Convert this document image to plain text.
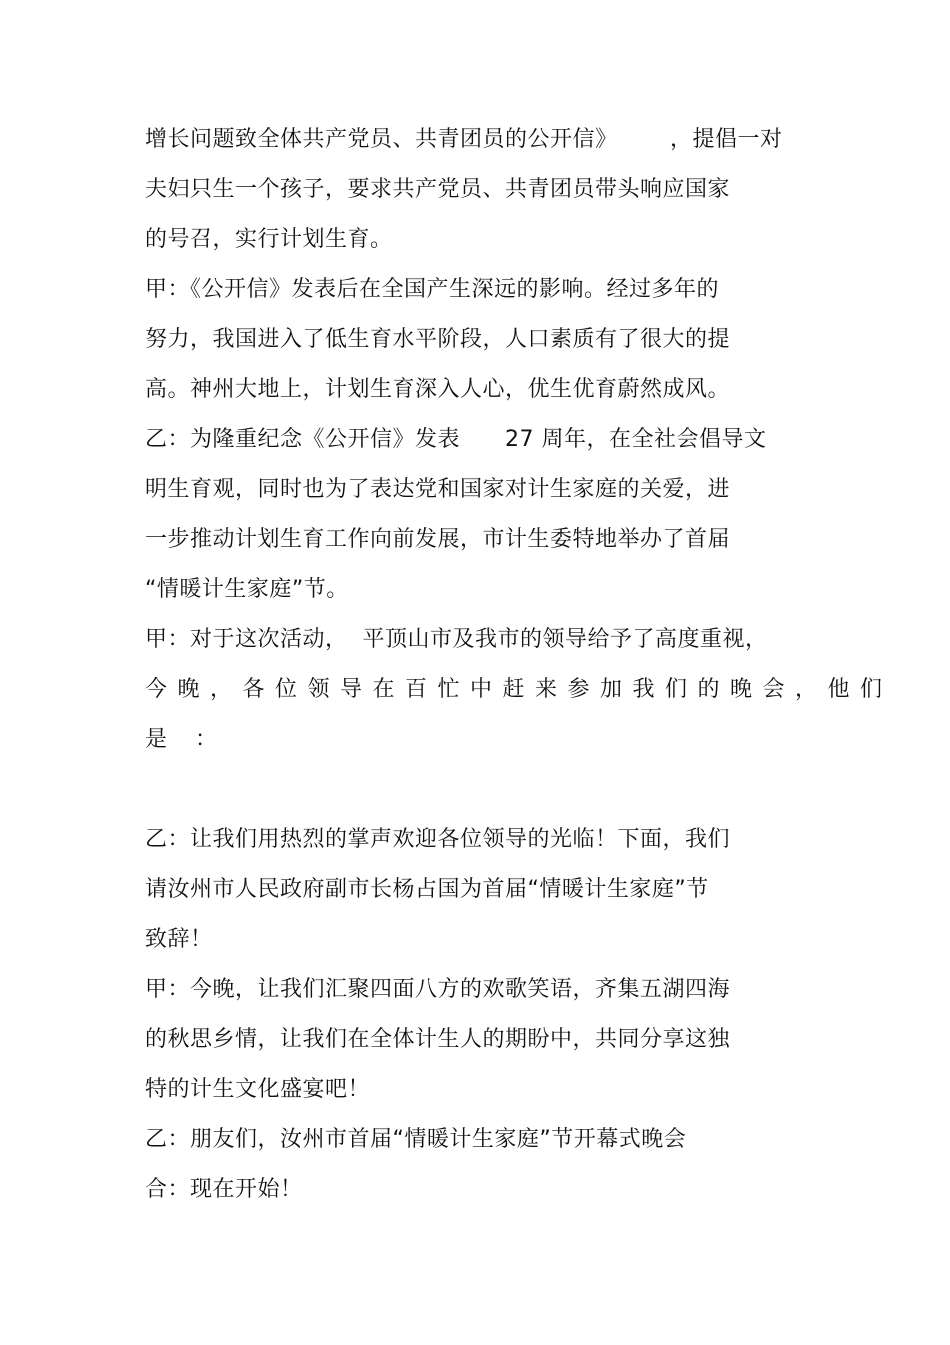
增长问题致全体共产党员、共青团员的公开信》       ，提倡一对
夫妇只生一个孩子，要求共产党员、共青团员带头响应国家
的号召，实行计划生育。
甲：《公开信》发表后在全国产生深远的影响。经过多年的
努力，我国进入了低生育水平阶段，人口素质有了很大的提
高。神州大地上，计划生育深入人心，优生优育蔚然成风。
乙：为隆重纪念《公开信》发表      27 周年，在全社会倡导文
明生育观，同时也为了表达党和国家对计生家庭的关爱，进
一步推动计划生育工作向前发展，市计生委特地举办了首届
“情暖计生家庭”节。
甲：对于这次活动，  平顶山市及我市的领导给予了高度重视，
今晚，各位领导在百忙中赶来参加我们的晚会，他们
是 ：
乙：让我们用热烈的掌声欢迎各位领导的光临！下面，我们
请汝州市人民政府副市长杨占国为首届“情暖计生家庭”节
致辞！
甲：今晚，让我们汇聚四面八方的欢歌笑语，齐集五湖四海
的秋思乡情，让我们在全体计生人的期盼中，共同分享这独
特的计生文化盛宴吧！
乙：朋友们，汝州市首届“情暖计生家庭”节开幕式晚会
合：现在开始！
